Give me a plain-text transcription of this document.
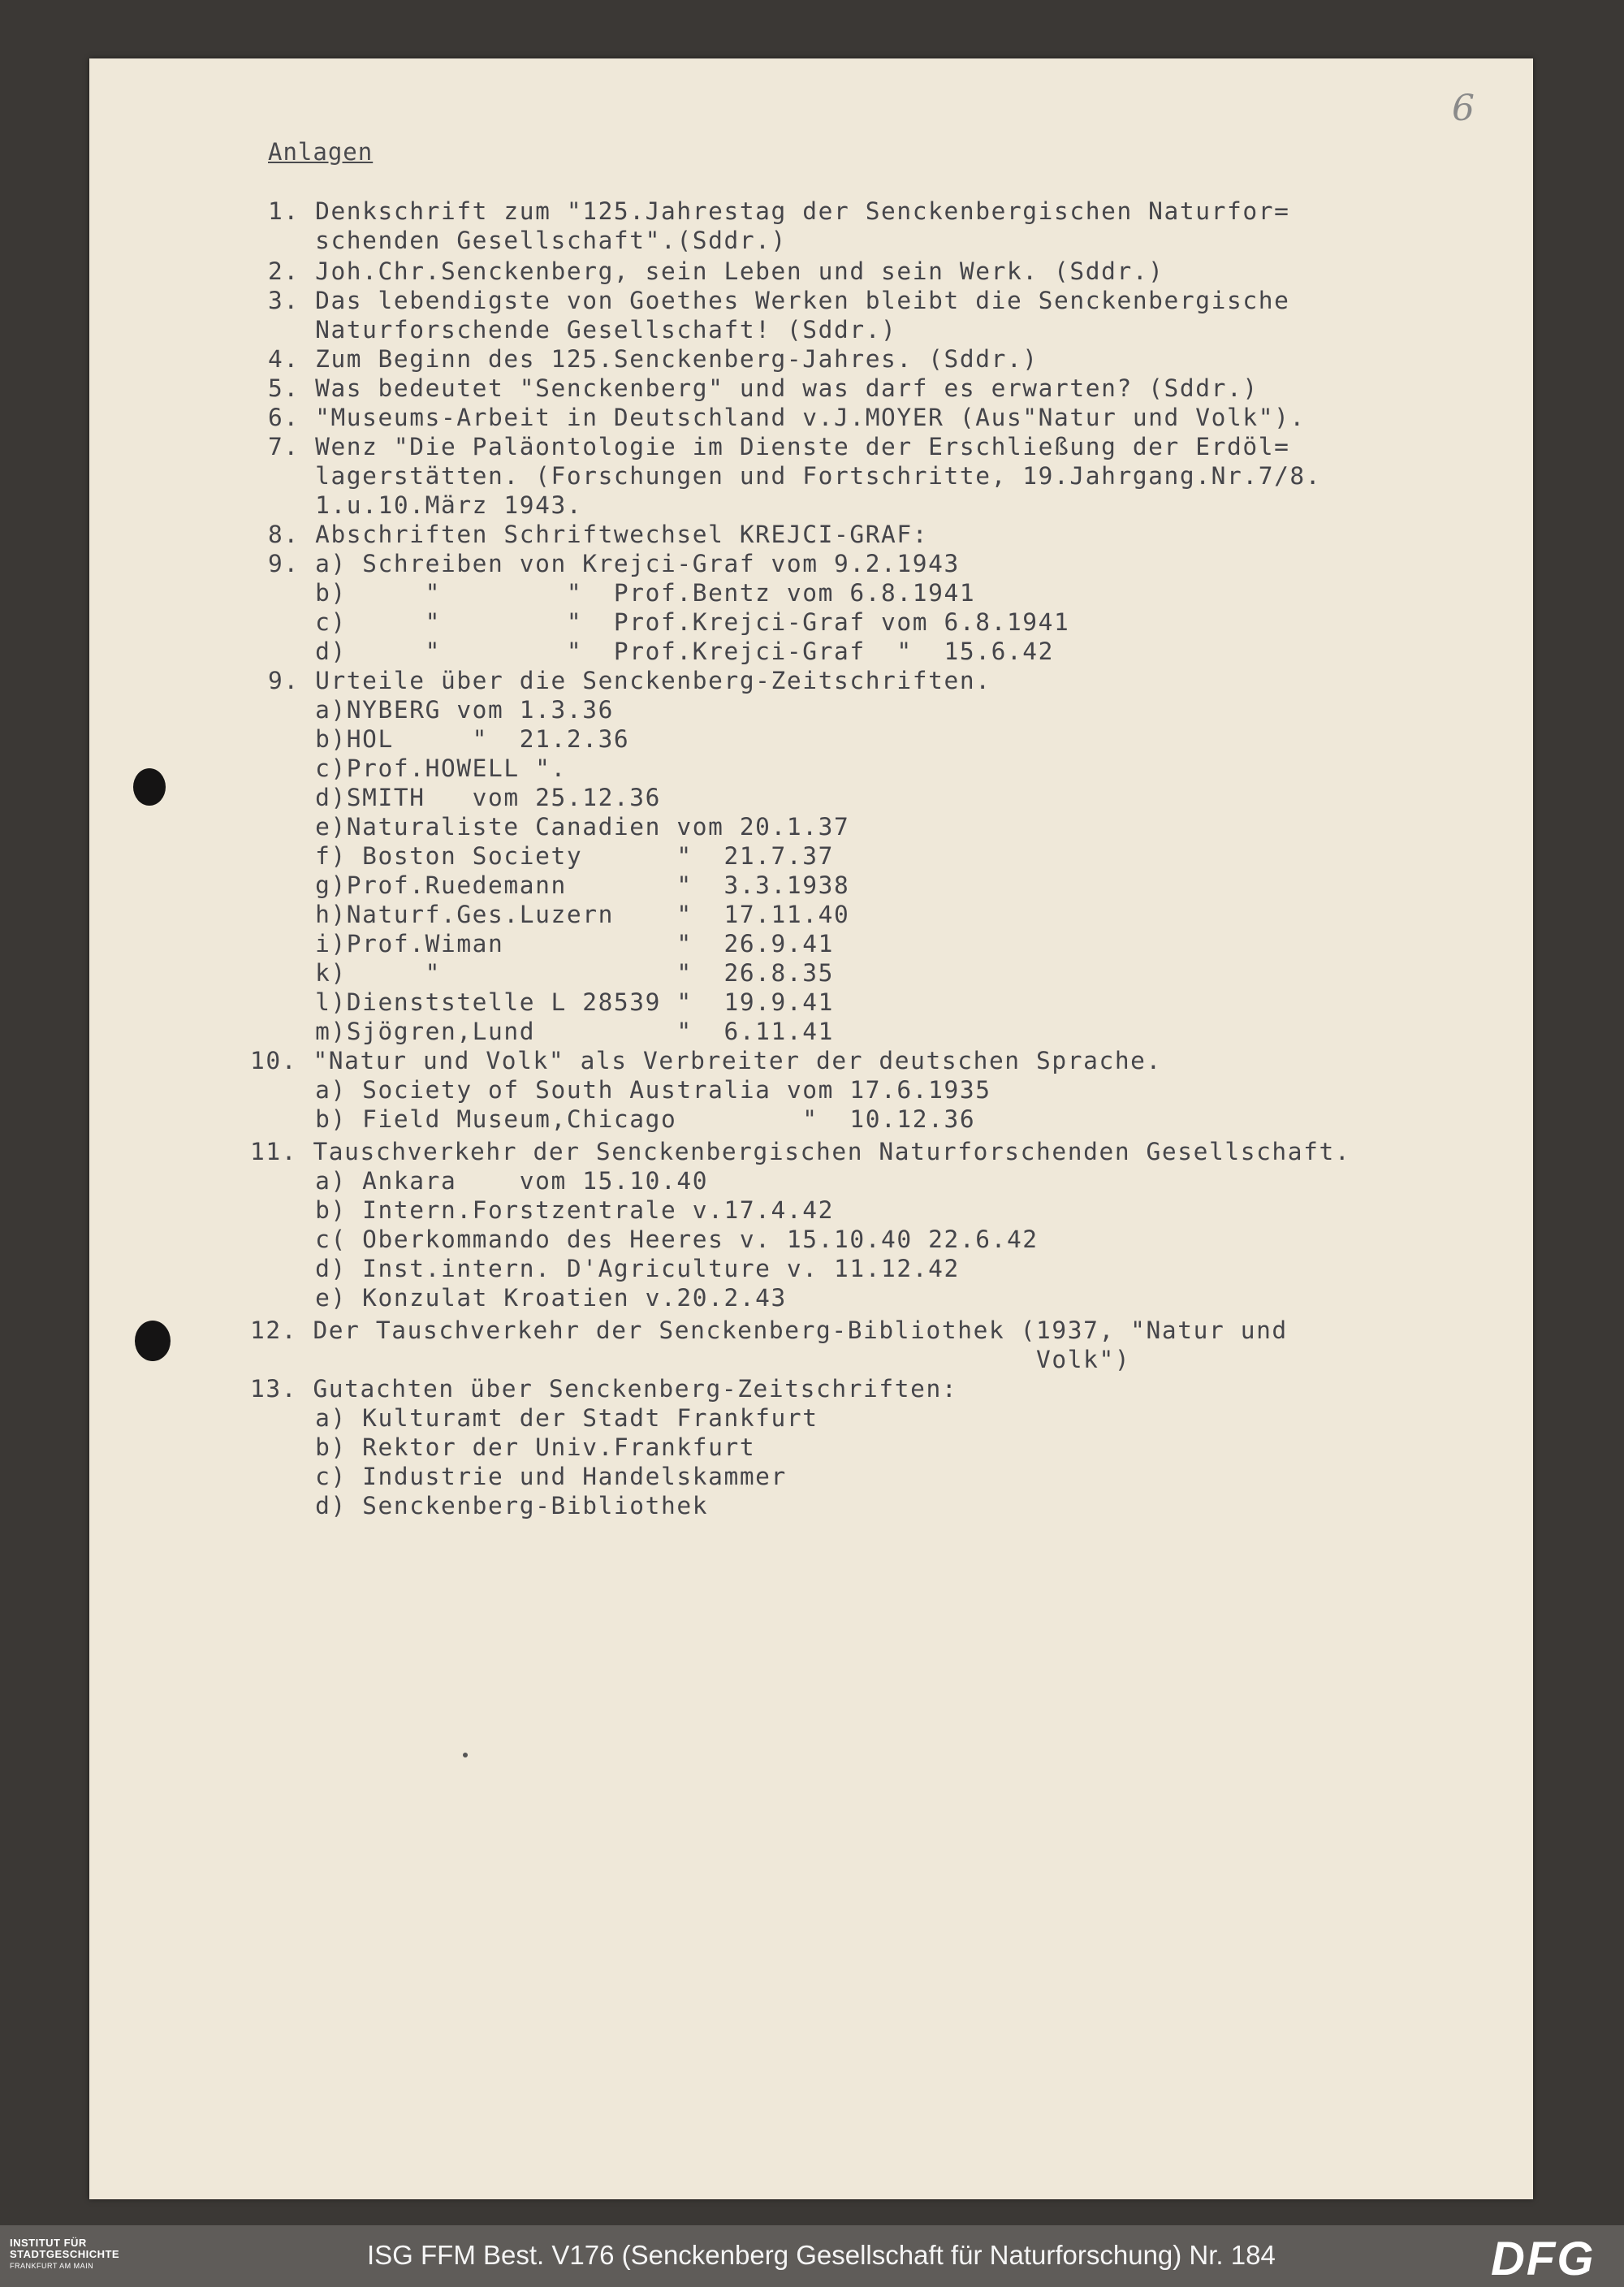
6
Anlagen
1. Denkschrift zum "125.Jahrestag der Senckenbergischen Naturfor=
schenden Gesellschaft".(Sddr.)
2. Joh.Chr.Senckenberg, sein Leben und sein Werk. (Sddr.)
3. Das lebendigste von Goethes Werken bleibt die Senckenbergische
Naturforschende Gesellschaft! (Sddr.)
4. Zum Beginn des 125.Senckenberg-Jahres. (Sddr.)
5. Was bedeutet "Senckenberg" und was darf es erwarten? (Sddr.)
6. "Museums-Arbeit in Deutschland v.J.MOYER (Aus"Natur und Volk").
7. Wenz "Die Paläontologie im Dienste der Erschließung der Erdöl=
lagerstätten. (Forschungen und Fortschritte, 19.Jahrgang.Nr.7/8.
1.u.10.März 1943.
8. Abschriften Schriftwechsel KREJCI-GRAF:
9. a) Schreiben von Krejci-Graf vom 9.2.1943
b)     "        "  Prof.Bentz vom 6.8.1941
c)     "        "  Prof.Krejci-Graf vom 6.8.1941
d)     "        "  Prof.Krejci-Graf  "  15.6.42
9. Urteile über die Senckenberg-Zeitschriften.
a)NYBERG vom 1.3.36
b)HOL     "  21.2.36
c)Prof.HOWELL ".
d)SMITH   vom 25.12.36
e)Naturaliste Canadien vom 20.1.37
f) Boston Society      "  21.7.37
g)Prof.Ruedemann       "  3.3.1938
h)Naturf.Ges.Luzern    "  17.11.40
i)Prof.Wiman           "  26.9.41
k)     "               "  26.8.35
l)Dienststelle L 28539 "  19.9.41
m)Sjögren,Lund         "  6.11.41
10. "Natur und Volk" als Verbreiter der deutschen Sprache.
a) Society of South Australia vom 17.6.1935
b) Field Museum,Chicago        "  10.12.36
11. Tauschverkehr der Senckenbergischen Naturforschenden Gesellschaft.
a) Ankara    vom 15.10.40
b) Intern.Forstzentrale v.17.4.42
c( Oberkommando des Heeres v. 15.10.40 22.6.42
d) Inst.intern. D'Agriculture v. 11.12.42
e) Konzulat Kroatien v.20.2.43
12. Der Tauschverkehr der Senckenberg-Bibliothek (1937, "Natur und
Volk")
13. Gutachten über Senckenberg-Zeitschriften:
a) Kulturamt der Stadt Frankfurt
b) Rektor der Univ.Frankfurt
c) Industrie und Handelskammer
d) Senckenberg-Bibliothek
INSTITUT FÜR
STADTGESCHICHTE
FRANKFURT AM MAIN	ISG FFM Best. V176 (Senckenberg Gesellschaft für Naturforschung) Nr. 184	DFG
